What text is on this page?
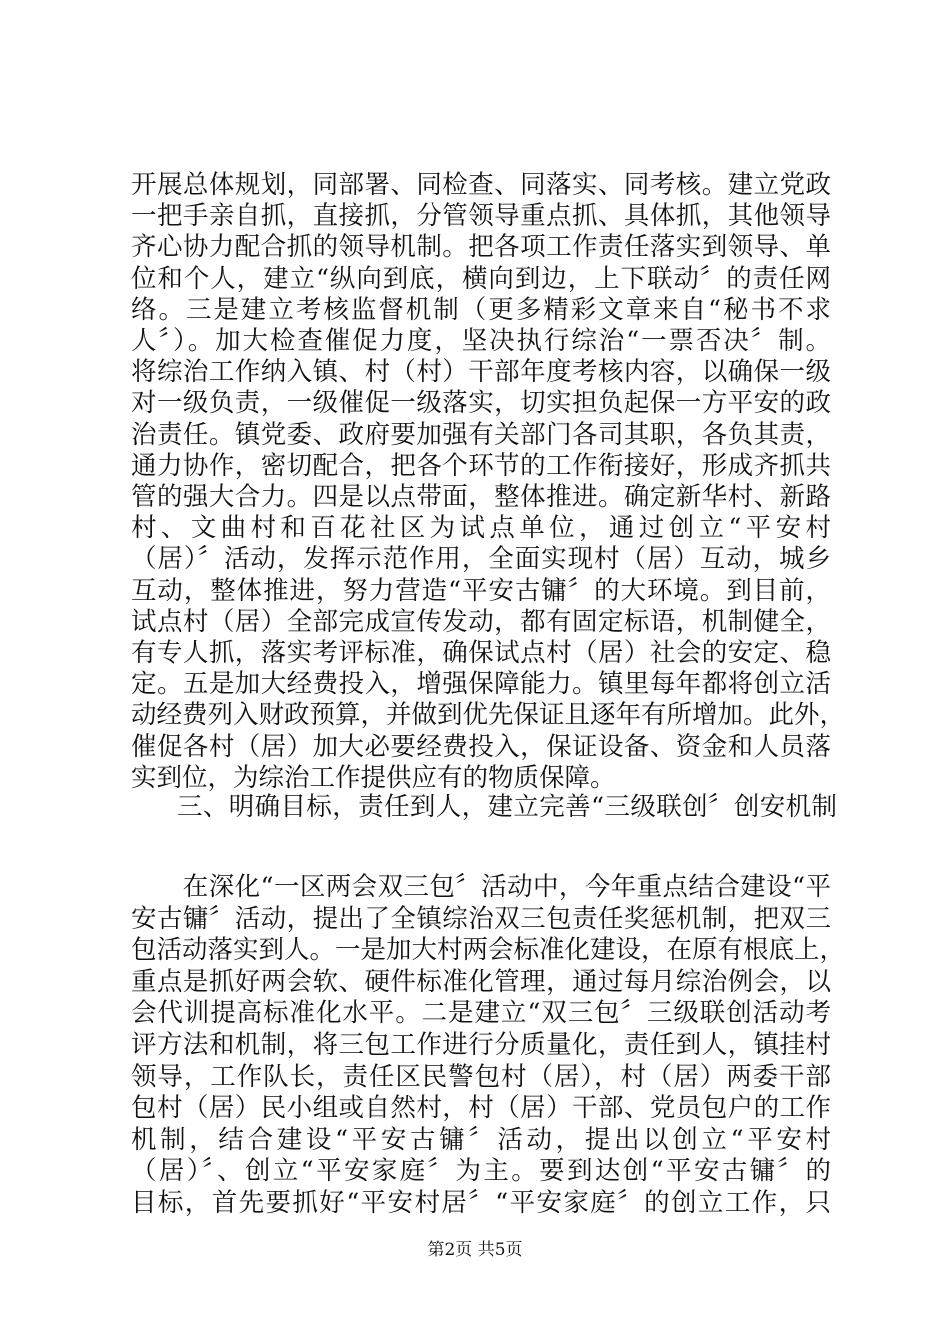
开展总体规划，同部署、同检查、同落实、同考核。建立党政
一把手亲自抓，直接抓，分管领导重点抓、具体抓，其他领导
齐心协力配合抓的领导机制。把各项工作责任落实到领导、单
位和个人，建立“纵向到底，横向到边，上下联动〞的责任网
络。三是建立考核监督机制（更多精彩文章来自“秘书不求
人〞）。加大检查催促力度，坚决执行综治“一票否决〞制。
将综治工作纳入镇、村（村）干部年度考核内容，以确保一级
对一级负责，一级催促一级落实，切实担负起保一方平安的政
治责任。镇党委、政府要加强有关部门各司其职，各负其责，
通力协作，密切配合，把各个环节的工作衔接好，形成齐抓共
管的强大合力。四是以点带面，整体推进。确定新华村、新路
村、文曲村和百花社区为试点单位，通过创立“平安村
（居）〞活动，发挥示范作用，全面实现村（居）互动，城乡
互动，整体推进，努力营造“平安古镛〞的大环境。到目前，
试点村（居）全部完成宣传发动，都有固定标语，机制健全，
有专人抓，落实考评标准，确保试点村（居）社会的安定、稳
定。五是加大经费投入，增强保障能力。镇里每年都将创立活
动经费列入财政预算，并做到优先保证且逐年有所增加。此外，
催促各村（居）加大必要经费投入，保证设备、资金和人员落
实到位，为综治工作提供应有的物质保障。
三、明确目标，责任到人，建立完善“三级联创〞创安机制
　　在深化“一区两会双三包〞活动中，今年重点结合建设“平
安古镛〞活动，提出了全镇综治双三包责任奖惩机制，把双三
包活动落实到人。一是加大村两会标准化建设，在原有根底上，
重点是抓好两会软、硬件标准化管理，通过每月综治例会，以
会代训提高标准化水平。二是建立“双三包〞三级联创活动考
评方法和机制，将三包工作进行分质量化，责任到人，镇挂村
领导，工作队长，责任区民警包村（居），村（居）两委干部
包村（居）民小组或自然村，村（居）干部、党员包户的工作
机制，结合建设“平安古镛〞活动，提出以创立“平安村
（居）〞、创立“平安家庭〞为主。要到达创“平安古镛〞的
目标，首先要抓好“平安村居〞“平安家庭〞的创立工作，只
第2页 共5页
